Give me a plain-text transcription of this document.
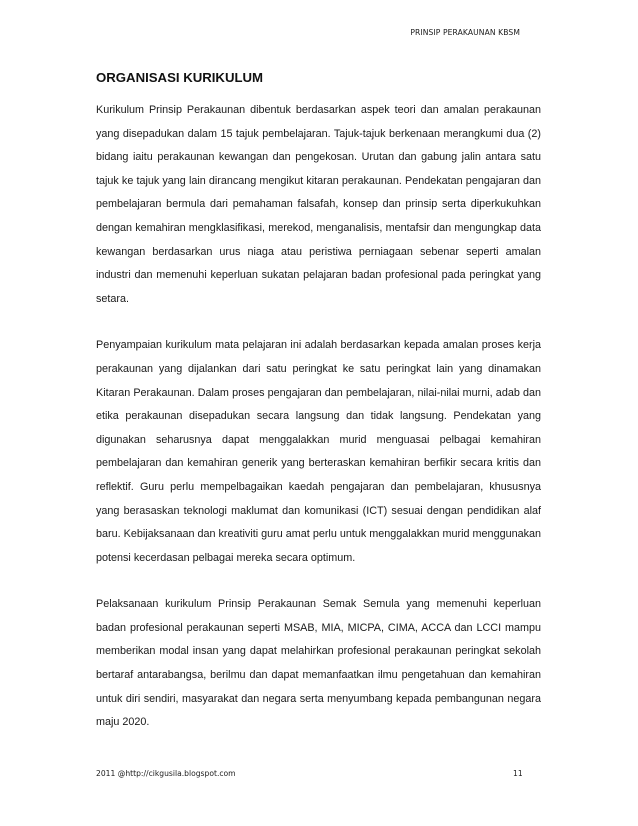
PRINSIP PERAKAUNAN KBSM
ORGANISASI KURIKULUM

Kurikulum Prinsip Perakaunan dibentuk berdasarkan aspek teori dan amalan perakaunan yang disepadukan dalam 15 tajuk pembelajaran. Tajuk-tajuk berkenaan merangkumi dua (2) bidang iaitu perakaunan kewangan dan pengekosan. Urutan dan gabung jalin antara satu tajuk ke tajuk yang lain dirancang mengikut kitaran perakaunan. Pendekatan pengajaran dan pembelajaran bermula dari pemahaman falsafah, konsep dan prinsip serta diperkukuhkan dengan kemahiran mengklasifikasi, merekod, menganalisis, mentafsir dan mengungkap data kewangan berdasarkan urus niaga atau peristiwa perniagaan sebenar seperti amalan industri dan memenuhi keperluan sukatan pelajaran badan profesional pada peringkat yang setara.

Penyampaian kurikulum mata pelajaran ini adalah berdasarkan kepada amalan proses kerja perakaunan yang dijalankan dari satu peringkat ke satu peringkat lain yang dinamakan Kitaran Perakaunan. Dalam proses pengajaran dan pembelajaran, nilai-nilai murni, adab dan etika perakaunan disepadukan secara langsung dan tidak langsung. Pendekatan yang digunakan seharusnya dapat menggalakkan murid menguasai pelbagai kemahiran pembelajaran dan kemahiran generik yang berteraskan kemahiran berfikir secara kritis dan reflektif. Guru perlu mempelbagaikan kaedah pengajaran dan pembelajaran, khususnya yang berasaskan teknologi maklumat dan komunikasi (ICT) sesuai dengan pendidikan alaf baru. Kebijaksanaan dan kreativiti guru amat perlu untuk menggalakkan murid menggunakan potensi kecerdasan pelbagai mereka secara optimum.

Pelaksanaan kurikulum Prinsip Perakaunan Semak Semula yang memenuhi keperluan badan profesional perakaunan seperti MSAB, MIA, MICPA, CIMA, ACCA dan LCCI mampu memberikan modal insan yang dapat melahirkan profesional perakaunan peringkat sekolah bertaraf antarabangsa, berilmu dan dapat memanfaatkan ilmu pengetahuan dan kemahiran untuk diri sendiri, masyarakat dan negara serta menyumbang kepada pembangunan negara maju 2020.

2011 @http://cikgusila.blogspot.com	11
